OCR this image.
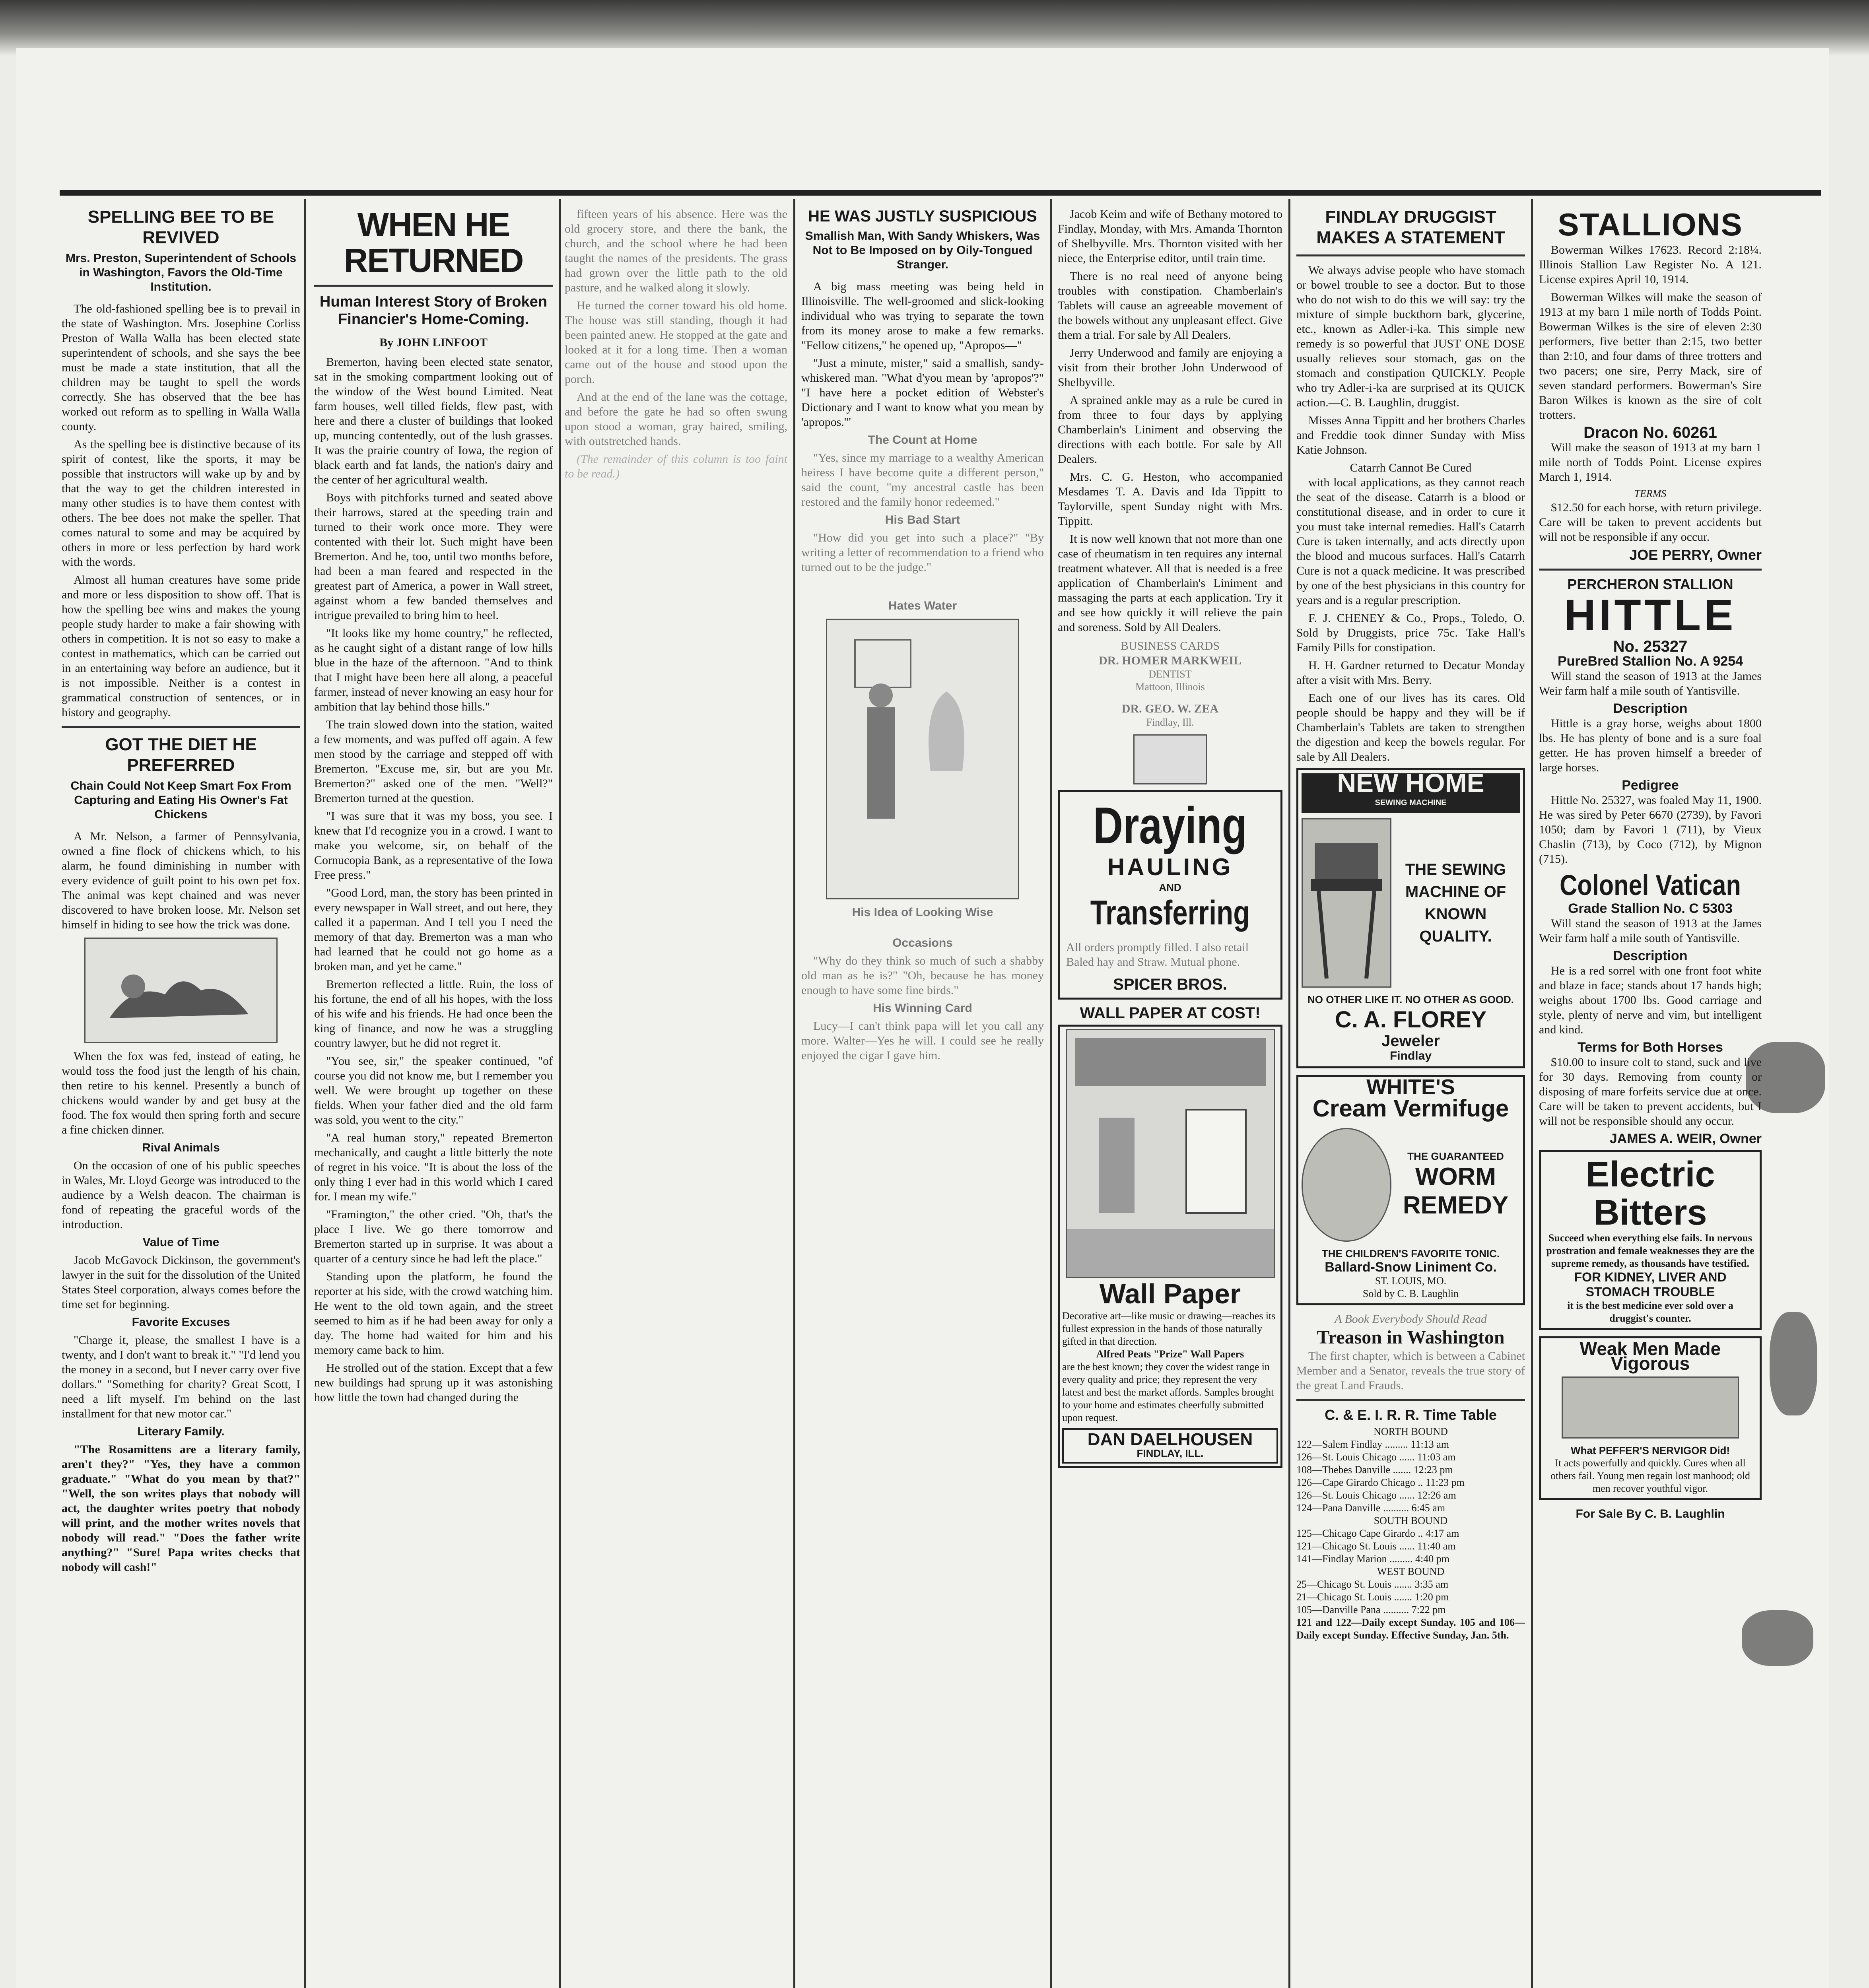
SPELLING BEE TO BE REVIVED
Mrs. Preston, Superintendent of Schools in Washington, Favors the Old-Time Institution.

The old-fashioned spelling bee is to prevail in the state of Washington. Mrs. Josephine Corliss Preston of Walla Walla has been elected state superintendent of schools, and she says the bee must be made a state institution, that all the children may be taught to spell the words correctly. She has observed that the bee has worked out reform as to spelling in Walla Walla county.

As the spelling bee is distinctive because of its spirit of contest, like the sports, it may be possible that instructors will wake up by and by that the way to get the children interested in many other studies is to have them contest with others. The bee does not make the speller. That comes natural to some and may be acquired by others in more or less perfection by hard work with the words.

Almost all human creatures have some pride and more or less disposition to show off. That is how the spelling bee wins and makes the young people study harder to make a fair showing with others in competition. It is not so easy to make a contest in mathematics, which can be carried out in an entertaining way before an audience, but it is not impossible. Neither is a contest in grammatical construction of sentences, or in history and geography.

GOT THE DIET HE PREFERRED
Chain Could Not Keep Smart Fox From Capturing and Eating His Owner's Fat Chickens

A Mr. Nelson, a farmer of Pennsylvania, owned a fine flock of chickens which, to his alarm, he found diminishing in number with every evidence of guilt point to his own pet fox. The animal was kept chained and was never discovered to have broken loose. Mr. Nelson set himself in hiding to see how the trick was done.

When the fox was fed, instead of eating, he would toss the food just the length of his chain, then retire to his kennel. Presently a bunch of chickens would wander by and get busy at the food. The fox would then spring forth and secure a fine chicken dinner.

Rival Animals

On the occasion of one of his public speeches in Wales, Mr. Lloyd George was introduced to the audience by a Welsh deacon. The chairman is fond of repeating the graceful words of the introduction.

Value of Time

Jacob McGavock Dickinson, the government's lawyer in the suit for the dissolution of the United States Steel corporation, always comes before the time set for beginning.

Favorite Excuses

"Charge it, please, the smallest I have is a twenty, and I don't want to break it." "I'd lend you the money in a second, but I never carry over five dollars." "Something for charity? Great Scott, I need a lift myself. I'm behind on the last installment for that new motor car."

Literary Family.

"The Rosamittens are a literary family, aren't they?" "Yes, they have a common graduate." "What do you mean by that?" "Well, the son writes plays that nobody will act, the daughter writes poetry that nobody will print, and the mother writes novels that nobody will read." "Does the father write anything?" "Sure! Papa writes checks that nobody will cash!"

WHEN HE RETURNED
Human Interest Story of Broken Financier's Home-Coming.
By JOHN LINFOOT

Bremerton, having been elected state senator, sat in the smoking compartment looking out of the window of the West bound Limited. Neat farm houses, well tilled fields, flew past, with here and there a cluster of buildings that looked up, muncing contentedly, out of the lush grasses. It was the prairie country of Iowa, the region of black earth and fat lands, the nation's dairy and the center of her agricultural wealth.

Boys with pitchforks turned and seated above their harrows, stared at the speeding train and turned to their work once more. They were contented with their lot. Such might have been Bremerton. And he, too, until two months before, had been a man feared and respected in the greatest part of America, a power in Wall street, against whom a few banded themselves and intrigue prevailed to bring him to heel.

"It looks like my home country," he reflected, as he caught sight of a distant range of low hills blue in the haze of the afternoon. "And to think that I might have been here all along, a peaceful farmer, instead of never knowing an easy hour for ambition that lay behind those hills."

The train slowed down into the station, waited a few moments, and was puffed off again. A few men stood by the carriage and stepped off with Bremerton. "Excuse me, sir, but are you Mr. Bremerton?" asked one of the men. "Well?" Bremerton turned at the question.

"I was sure that it was my boss, you see. I knew that I'd recognize you in a crowd. I want to make you welcome, sir, on behalf of the Cornucopia Bank, as a representative of the Iowa Free press."

"Good Lord, man, the story has been printed in every newspaper in Wall street, and out here, they called it a paperman. And I tell you I need the memory of that day. Bremerton was a man who had learned that he could not go home as a broken man, and yet he came."

Bremerton reflected a little. Ruin, the loss of his fortune, the end of all his hopes, with the loss of his wife and his friends. He had once been the king of finance, and now he was a struggling country lawyer, but he did not regret it.

"You see, sir," the speaker continued, "of course you did not know me, but I remember you well. We were brought up together on these fields. When your father died and the old farm was sold, you went to the city."

"A real human story," repeated Bremerton mechanically, and caught a little bitterly the note of regret in his voice. "It is about the loss of the only thing I ever had in this world which I cared for. I mean my wife."

"Framington," the other cried. "Oh, that's the place I live. We go there tomorrow and Bremerton started up in surprise. It was about a quarter of a century since he had left the place."

Standing upon the platform, he found the reporter at his side, with the crowd watching him. He went to the old town again, and the street seemed to him as if he had been away for only a day. The home had waited for him and his memory came back to him.

He strolled out of the station. Except that a few new buildings had sprung up it was astonishing how little the town had changed during the

fifteen years of his absence. Here was the old grocery store, and there the bank, the church, and the school where he had been taught the names of the presidents. The grass had grown over the little path to the old pasture, and he walked along it slowly.

He turned the corner toward his old home. The house was still standing, though it had been painted anew. He stopped at the gate and looked at it for a long time. Then a woman came out of the house and stood upon the porch.

And at the end of the lane was the cottage, and before the gate he had so often swung upon stood a woman, gray haired, smiling, with outstretched hands.

(The remainder of this column is too faint to be read.)

HE WAS JUSTLY SUSPICIOUS
Smallish Man, With Sandy Whiskers, Was Not to Be Imposed on by Oily-Tongued Stranger.

A big mass meeting was being held in Illinoisville. The well-groomed and slick-looking individual who was trying to separate the town from its money arose to make a few remarks. "Fellow citizens," he opened up, "Apropos—"

"Just a minute, mister," said a smallish, sandy-whiskered man. "What d'you mean by 'apropos'?" "I have here a pocket edition of Webster's Dictionary and I want to know what you mean by 'apropos.'"

The Count at Home

"Yes, since my marriage to a wealthy American heiress I have become quite a different person," said the count, "my ancestral castle has been restored and the family honor redeemed."

His Bad Start

"How did you get into such a place?" "By writing a letter of recommendation to a friend who turned out to be the judge."

Hates Water
His Idea of Looking Wise
Occasions

"Why do they think so much of such a shabby old man as he is?" "Oh, because he has money enough to have some fine birds."

His Winning Card

Lucy—I can't think papa will let you call any more. Walter—Yes he will. I could see he really enjoyed the cigar I gave him.

Jacob Keim and wife of Bethany motored to Findlay, Monday, with Mrs. Amanda Thornton of Shelbyville. Mrs. Thornton visited with her niece, the Enterprise editor, until train time.

There is no real need of anyone being troubles with constipation. Chamberlain's Tablets will cause an agreeable movement of the bowels without any unpleasant effect. Give them a trial. For sale by All Dealers.

Jerry Underwood and family are enjoying a visit from their brother John Underwood of Shelbyville.

A sprained ankle may as a rule be cured in from three to four days by applying Chamberlain's Liniment and observing the directions with each bottle. For sale by All Dealers.

Mrs. C. G. Heston, who accompanied Mesdames T. A. Davis and Ida Tippitt to Taylorville, spent Sunday night with Mrs. Tippitt.

It is now well known that not more than one case of rheumatism in ten requires any internal treatment whatever. All that is needed is a free application of Chamberlain's Liniment and massaging the parts at each application. Try it and see how quickly it will relieve the pain and soreness. Sold by All Dealers.

BUSINESS CARDS
DR. HOMER MARKWEIL
DENTIST
Mattoon, Illinois
DR. GEO. W. ZEA
Findlay, Ill.
Draying
HAULING
AND
Transferring
All orders promptly filled. I also retail Baled hay and Straw. Mutual phone.
SPICER BROS.
WALL PAPER AT COST!
Wall Paper
Decorative art—like music or drawing—reaches its fullest expression in the hands of those naturally gifted in that direction.
Alfred Peats "Prize" Wall Papers
are the best known; they cover the widest range in every quality and price; they represent the very latest and best the market affords. Samples brought to your home and estimates cheerfully submitted upon request.
DAN DAELHOUSEN
FINDLAY, ILL.
FINDLAY DRUGGIST MAKES A STATEMENT

We always advise people who have stomach or bowel trouble to see a doctor. But to those who do not wish to do this we will say: try the mixture of simple buckthorn bark, glycerine, etc., known as Adler-i-ka. This simple new remedy is so powerful that JUST ONE DOSE usually relieves sour stomach, gas on the stomach and constipation QUICKLY. People who try Adler-i-ka are surprised at its QUICK action.—C. B. Laughlin, druggist.

Misses Anna Tippitt and her brothers Charles and Freddie took dinner Sunday with Miss Katie Johnson.

Catarrh Cannot Be Cured

with local applications, as they cannot reach the seat of the disease. Catarrh is a blood or constitutional disease, and in order to cure it you must take internal remedies. Hall's Catarrh Cure is taken internally, and acts directly upon the blood and mucous surfaces. Hall's Catarrh Cure is not a quack medicine. It was prescribed by one of the best physicians in this country for years and is a regular prescription.

F. J. CHENEY & Co., Props., Toledo, O. Sold by Druggists, price 75c. Take Hall's Family Pills for constipation.

H. H. Gardner returned to Decatur Monday after a visit with Mrs. Berry.

Each one of our lives has its cares. Old people should be happy and they will be if Chamberlain's Tablets are taken to strengthen the digestion and keep the bowels regular. For sale by All Dealers.

NEW HOME
SEWING MACHINE
THE SEWING MACHINE OF KNOWN QUALITY.
NO OTHER LIKE IT. NO OTHER AS GOOD.
C. A. FLOREY
Jeweler
Findlay
WHITE'S
Cream Vermifuge
THE GUARANTEED
WORM REMEDY
THE CHILDREN'S FAVORITE TONIC.
Ballard-Snow Liniment Co.
ST. LOUIS, MO.
Sold by C. B. Laughlin
A Book Everybody Should Read
Treason in Washington

The first chapter, which is between a Cabinet Member and a Senator, reveals the true story of the great Land Frauds.

C. & E. I. R. R. Time Table
NORTH BOUND
122—Salem Findlay ......... 11:13 am
126—St. Louis Chicago ...... 11:03 am
108—Thebes Danville ....... 12:23 pm
126—Cape Girardo Chicago .. 11:23 pm
126—St. Louis Chicago ...... 12:26 am
124—Pana Danville .......... 6:45 am
SOUTH BOUND
125—Chicago Cape Girardo .. 4:17 am
121—Chicago St. Louis ...... 11:40 am
141—Findlay Marion ......... 4:40 pm
WEST BOUND
25—Chicago St. Louis ....... 3:35 am
21—Chicago St. Louis ....... 1:20 pm
105—Danville Pana .......... 7:22 pm
121 and 122—Daily except Sunday. 105 and 106—Daily except Sunday. Effective Sunday, Jan. 5th.
STALLIONS

Bowerman Wilkes 17623. Record 2:18¼. Illinois Stallion Law Register No. A 121. License expires April 10, 1914.

Bowerman Wilkes will make the season of 1913 at my barn 1 mile north of Todds Point. Bowerman Wilkes is the sire of eleven 2:30 performers, five better than 2:15, two better than 2:10, and four dams of three trotters and two pacers; one sire, Perry Mack, sire of seven standard performers. Bowerman's Sire Baron Wilkes is known as the sire of colt trotters.

Dracon No. 60261

Will make the season of 1913 at my barn 1 mile north of Todds Point. License expires March 1, 1914.

TERMS

$12.50 for each horse, with return privilege. Care will be taken to prevent accidents but will not be responsible if any occur.

JOE PERRY, Owner
PERCHERON STALLION
HITTLE
No. 25327
PureBred Stallion No. A 9254

Will stand the season of 1913 at the James Weir farm half a mile south of Yantisville.

Description

Hittle is a gray horse, weighs about 1800 lbs. He has plenty of bone and is a sure foal getter. He has proven himself a breeder of large horses.

Pedigree

Hittle No. 25327, was foaled May 11, 1900. He was sired by Peter 6670 (2739), by Favori 1050; dam by Favori 1 (711), by Vieux Chaslin (713), by Coco (712), by Mignon (715).

Colonel Vatican
Grade Stallion No. C 5303

Will stand the season of 1913 at the James Weir farm half a mile south of Yantisville.

Description

He is a red sorrel with one front foot white and blaze in face; stands about 17 hands high; weighs about 1700 lbs. Good carriage and style, plenty of nerve and vim, but intelligent and kind.

Terms for Both Horses

$10.00 to insure colt to stand, suck and live for 30 days. Removing from county or disposing of mare forfeits service due at once. Care will be taken to prevent accidents, but I will not be responsible should any occur.

JAMES A. WEIR, Owner
Electric
Bitters
Succeed when everything else fails. In nervous prostration and female weaknesses they are the supreme remedy, as thousands have testified.
FOR KIDNEY, LIVER AND STOMACH TROUBLE
it is the best medicine ever sold over a druggist's counter.
Weak Men Made Vigorous
What PEFFER'S NERVIGOR Did!
It acts powerfully and quickly. Cures when all others fail. Young men regain lost manhood; old men recover youthful vigor.
For Sale By C. B. Laughlin
